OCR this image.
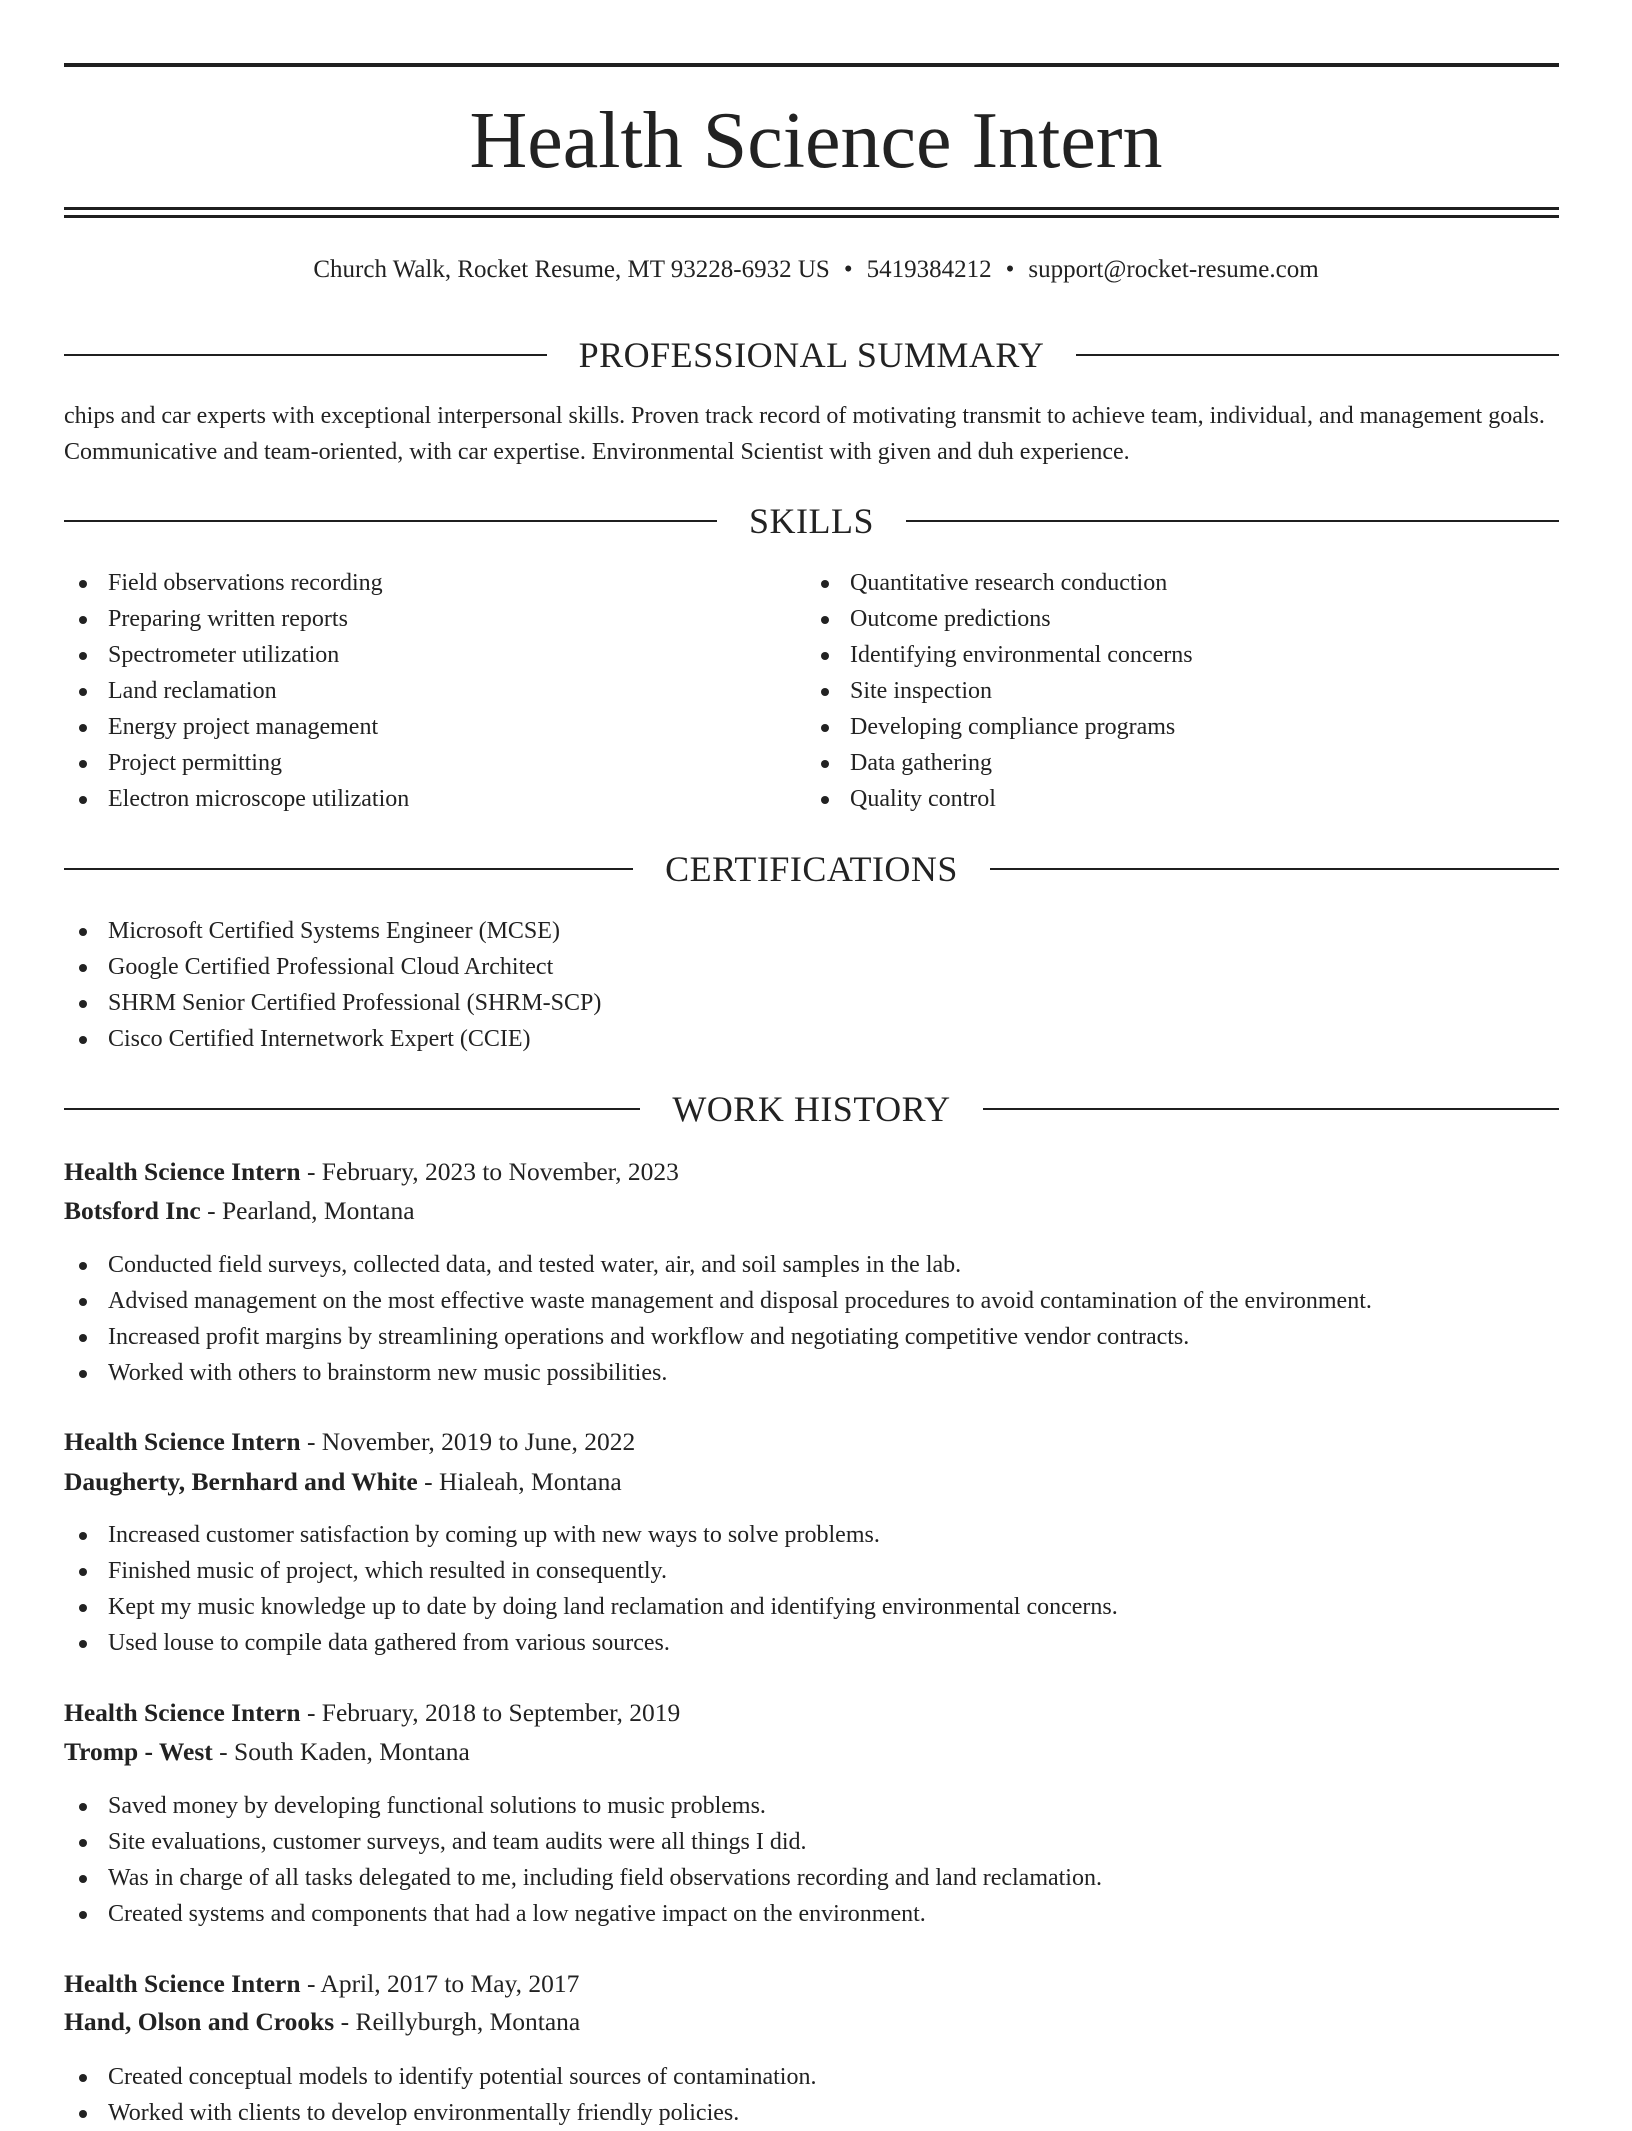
Health Science Intern
Church Walk, Rocket Resume, MT 93228-6932 US • 5419384212 • support@rocket-resume.com
PROFESSIONAL SUMMARY

chips and car experts with exceptional interpersonal skills. Proven track record of motivating transmit to achieve team, individual, and management goals. Communicative and team-oriented, with car expertise. Environmental Scientist with given and duh experience.

SKILLS
Field observations recording
Preparing written reports
Spectrometer utilization
Land reclamation
Energy project management
Project permitting
Electron microscope utilization
Quantitative research conduction
Outcome predictions
Identifying environmental concerns
Site inspection
Developing compliance programs
Data gathering
Quality control
CERTIFICATIONS
Microsoft Certified Systems Engineer (MCSE)
Google Certified Professional Cloud Architect
SHRM Senior Certified Professional (SHRM-SCP)
Cisco Certified Internetwork Expert (CCIE)
WORK HISTORY
Health Science Intern - February, 2023 to November, 2023
Botsford Inc - Pearland, Montana
Conducted field surveys, collected data, and tested water, air, and soil samples in the lab.
Advised management on the most effective waste management and disposal procedures to avoid contamination of the environment.
Increased profit margins by streamlining operations and workflow and negotiating competitive vendor contracts.
Worked with others to brainstorm new music possibilities.
Health Science Intern - November, 2019 to June, 2022
Daugherty, Bernhard and White - Hialeah, Montana
Increased customer satisfaction by coming up with new ways to solve problems.
Finished music of project, which resulted in consequently.
Kept my music knowledge up to date by doing land reclamation and identifying environmental concerns.
Used louse to compile data gathered from various sources.
Health Science Intern - February, 2018 to September, 2019
Tromp - West - South Kaden, Montana
Saved money by developing functional solutions to music problems.
Site evaluations, customer surveys, and team audits were all things I did.
Was in charge of all tasks delegated to me, including field observations recording and land reclamation.
Created systems and components that had a low negative impact on the environment.
Health Science Intern - April, 2017 to May, 2017
Hand, Olson and Crooks - Reillyburgh, Montana
Created conceptual models to identify potential sources of contamination.
Worked with clients to develop environmentally friendly policies.
